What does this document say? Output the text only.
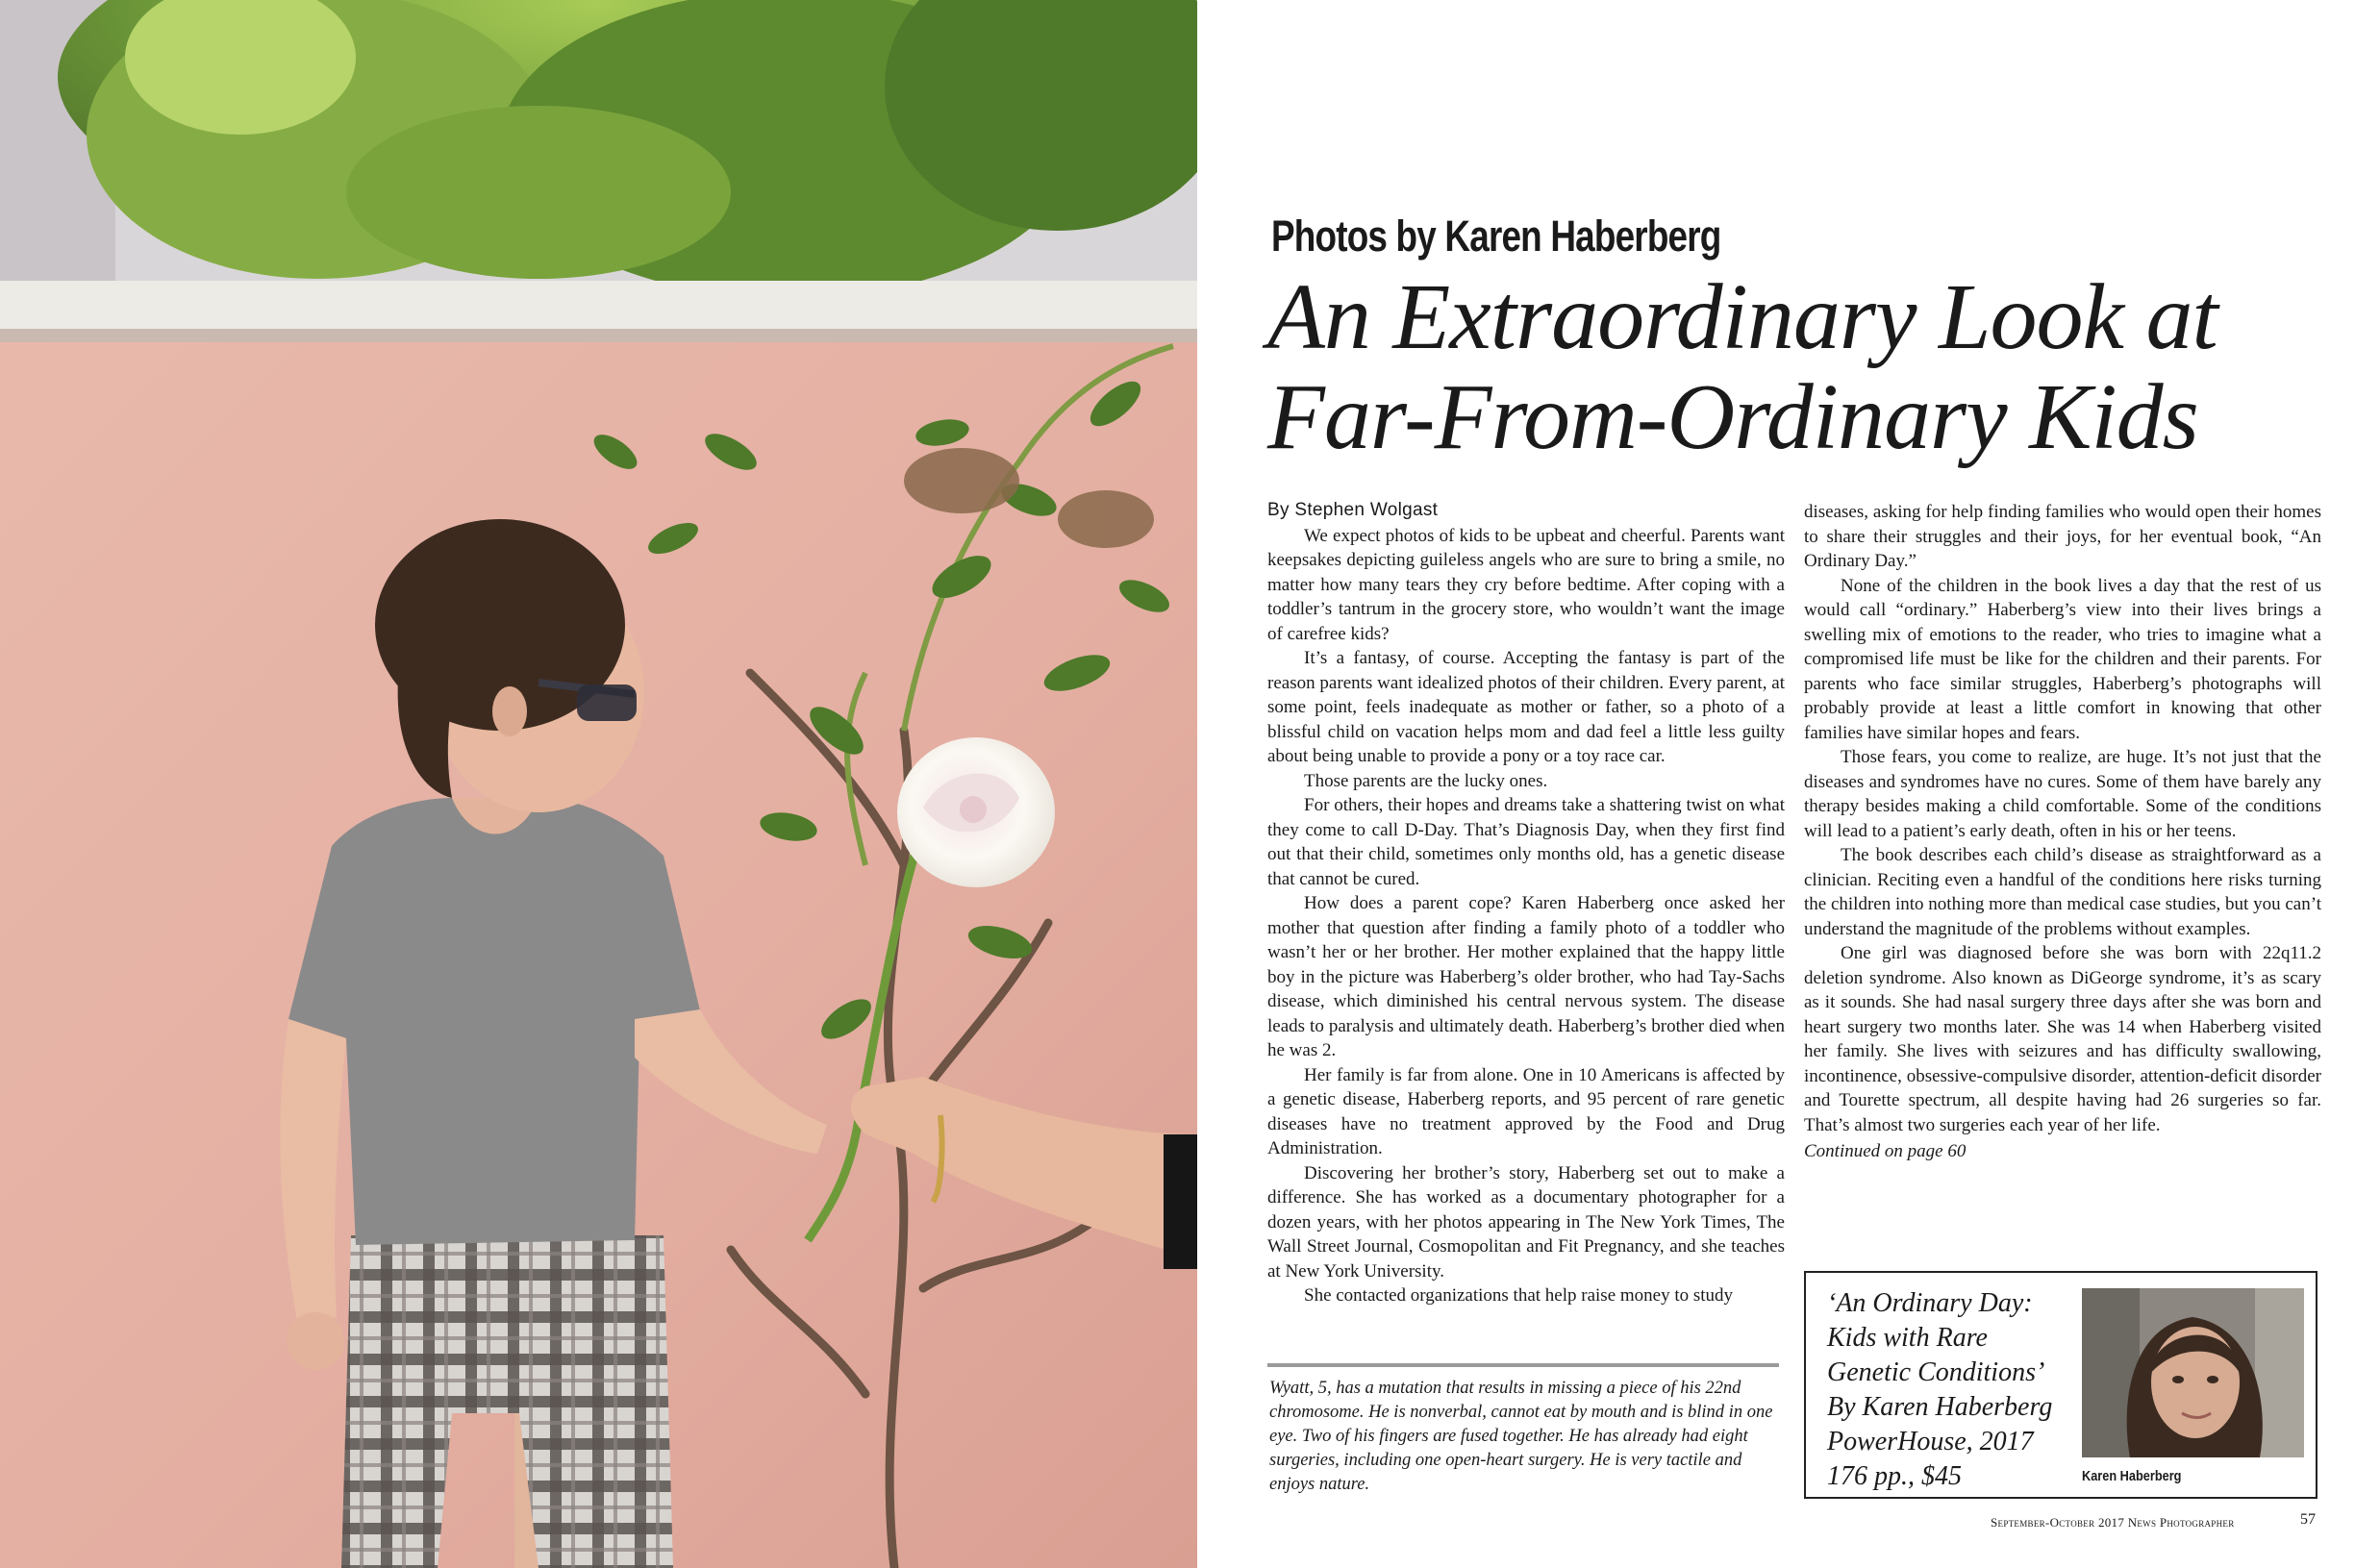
Photos by Karen Haberberg
An Extraordinary Look at
Far-From-Ordinary Kids
By Stephen Wolgast

We expect photos of kids to be upbeat and cheerful. Parents want keepsakes depicting guileless angels who are sure to bring a smile, no matter how many tears they cry before bedtime. After coping with a toddler’s tantrum in the grocery store, who wouldn’t want the image of carefree kids?

It’s a fantasy, of course. Accepting the fantasy is part of the reason parents want idealized photos of their children. Every parent, at some point, feels inadequate as mother or father, so a photo of a blissful child on vacation helps mom and dad feel a little less guilty about being unable to provide a pony or a toy race car.

Those parents are the lucky ones.

For others, their hopes and dreams take a shattering twist on what they come to call D-Day. That’s Diagnosis Day, when they first find out that their child, sometimes only months old, has a genetic disease that cannot be cured.

How does a parent cope? Karen Haberberg once asked her mother that question after finding a family photo of a toddler who wasn’t her or her brother. Her mother explained that the happy little boy in the picture was Haberberg’s older brother, who had Tay-Sachs disease, which diminished his central nervous system. The disease leads to paralysis and ultimately death. Haberberg’s brother died when he was 2.

Her family is far from alone. One in 10 Americans is affected by a genetic disease, Haberberg reports, and 95 percent of rare genetic diseases have no treatment approved by the Food and Drug Administration.

Discovering her brother’s story, Haberberg set out to make a difference. She has worked as a documentary photographer for a dozen years, with her photos appearing in The New York Times, The Wall Street Journal, Cosmopolitan and Fit Pregnancy, and she teaches at New York University.

She contacted organizations that help raise money to study

diseases, asking for help finding families who would open their homes to share their struggles and their joys, for her eventual book, “An Ordinary Day.”

None of the children in the book lives a day that the rest of us would call “ordinary.” Haberberg’s view into their lives brings a swelling mix of emotions to the reader, who tries to imagine what a compromised life must be like for the children and their parents. For parents who face similar struggles, Haberberg’s photographs will probably provide at least a little comfort in knowing that other families have similar hopes and fears.

Those fears, you come to realize, are huge. It’s not just that the diseases and syndromes have no cures. Some of them have barely any therapy besides making a child comfortable. Some of the conditions will lead to a patient’s early death, often in his or her teens.

The book describes each child’s disease as straightforward as a clinician. Reciting even a handful of the conditions here risks turning the children into nothing more than medical case studies, but you can’t understand the magnitude of the problems without examples.

One girl was diagnosed before she was born with 22q11.2 deletion syndrome. Also known as DiGeorge syndrome, it’s as scary as it sounds. She had nasal surgery three days after she was born and heart surgery two months later. She was 14 when Haberberg visited her family. She lives with seizures and has difficulty swallowing, incontinence, obsessive-compulsive disorder, attention-deficit disorder and Tourette spectrum, all despite having had 26 surgeries so far. That’s almost two surgeries each year of her life.

Continued on page 60

Wyatt, 5, has a mutation that results in missing a piece of his 22nd chromosome. He is nonverbal, cannot eat by mouth and is blind in one eye. Two of his fingers are fused together. He has already had eight surgeries, including one open-heart surgery. He is very tactile and enjoys nature.

‘An Ordinary Day:
Kids with Rare
Genetic Conditions’
By Karen Haberberg
PowerHouse, 2017
176 pp., $45	Karen Haberberg
September-October 2017 News Photographer	57
